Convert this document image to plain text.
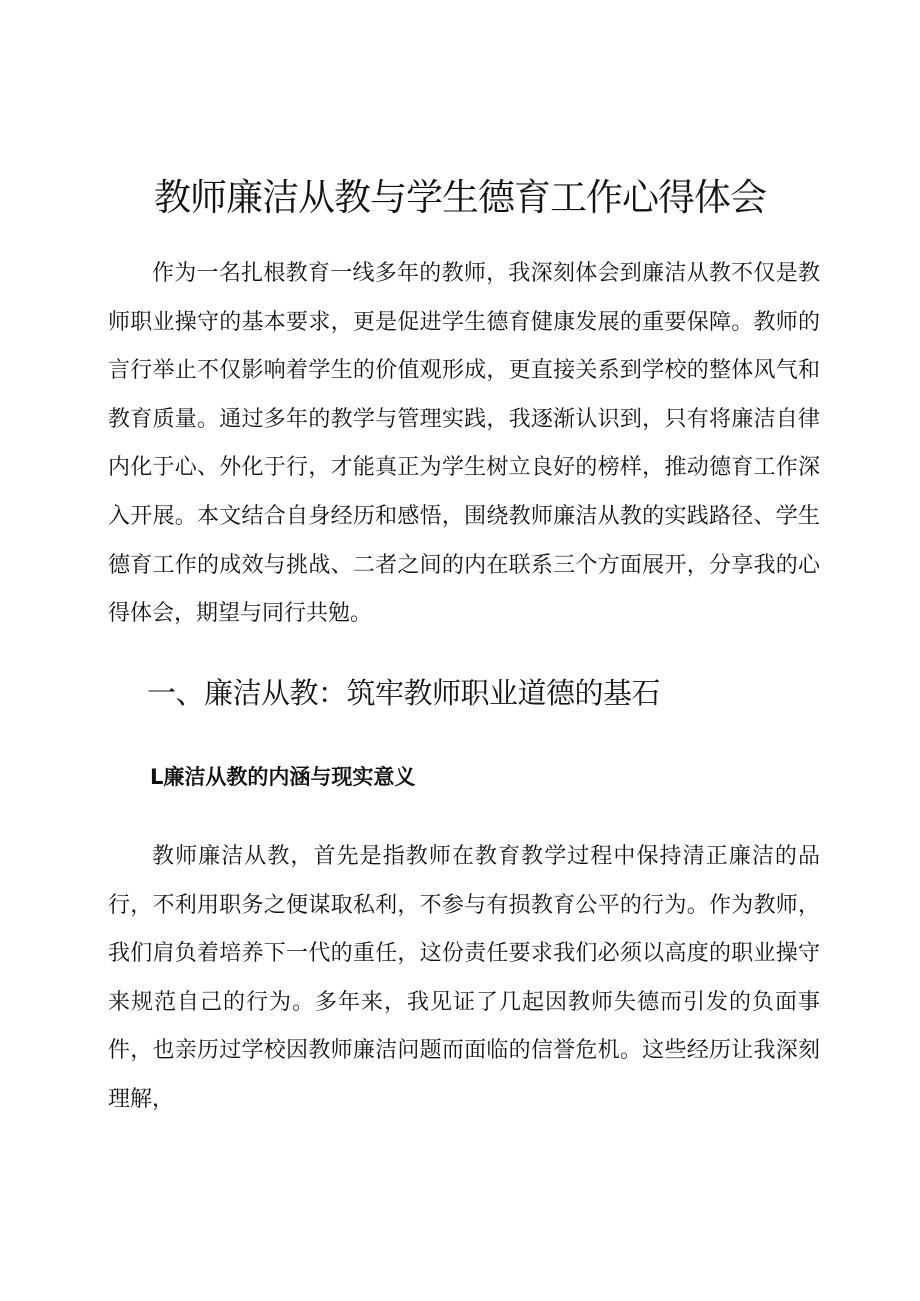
教师廉洁从教与学生德育工作心得体会

作为一名扎根教育一线多年的教师，我深刻体会到廉洁从教不仅是教师职业操守的基本要求，更是促进学生德育健康发展的重要保障。教师的言行举止不仅影响着学生的价值观形成，更直接关系到学校的整体风气和教育质量。通过多年的教学与管理实践，我逐渐认识到，只有将廉洁自律内化于心、外化于行，才能真正为学生树立良好的榜样，推动德育工作深入开展。本文结合自身经历和感悟，围绕教师廉洁从教的实践路径、学生德育工作的成效与挑战、二者之间的内在联系三个方面展开，分享我的心得体会，期望与同行共勉。

一、廉洁从教：筑牢教师职业道德的基石
L廉洁从教的内涵与现实意义

教师廉洁从教，首先是指教师在教育教学过程中保持清正廉洁的品行，不利用职务之便谋取私利，不参与有损教育公平的行为。作为教师，我们肩负着培养下一代的重任，这份责任要求我们必须以高度的职业操守来规范自己的行为。多年来，我见证了几起因教师失德而引发的负面事件，也亲历过学校因教师廉洁问题而面临的信誉危机。这些经历让我深刻理解，
